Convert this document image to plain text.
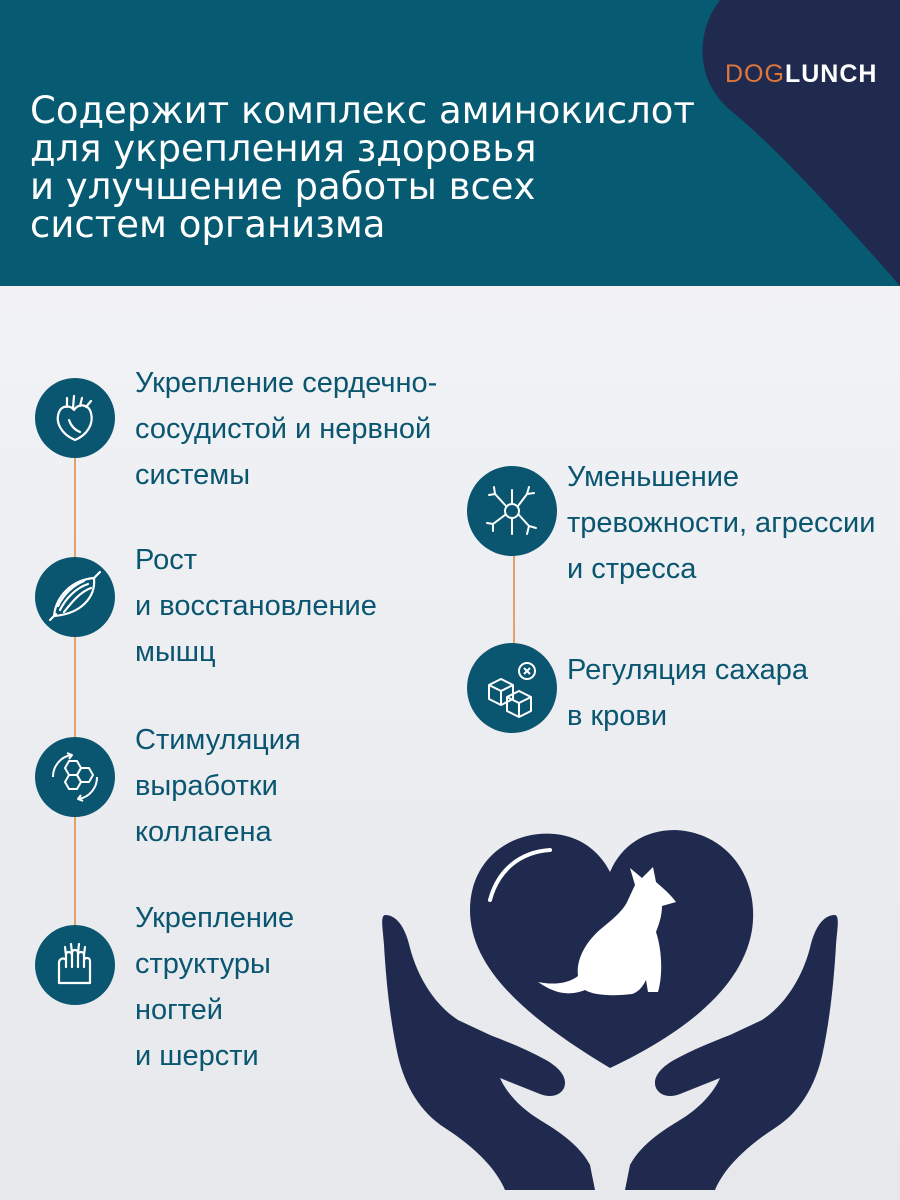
DOGLUNCH
Содержит комплекс аминокислот
для укрепления здоровья
и улучшение работы всех
систем организма

Укрепление сердечно-
сосудистой и нервной
системы

Рост
и восстановление
мышц

Стимуляция
выработки
коллагена

Укрепление
структуры
ногтей
и шерсти

Уменьшение
тревожности, агрессии
и стресса

Регуляция сахара
в крови
